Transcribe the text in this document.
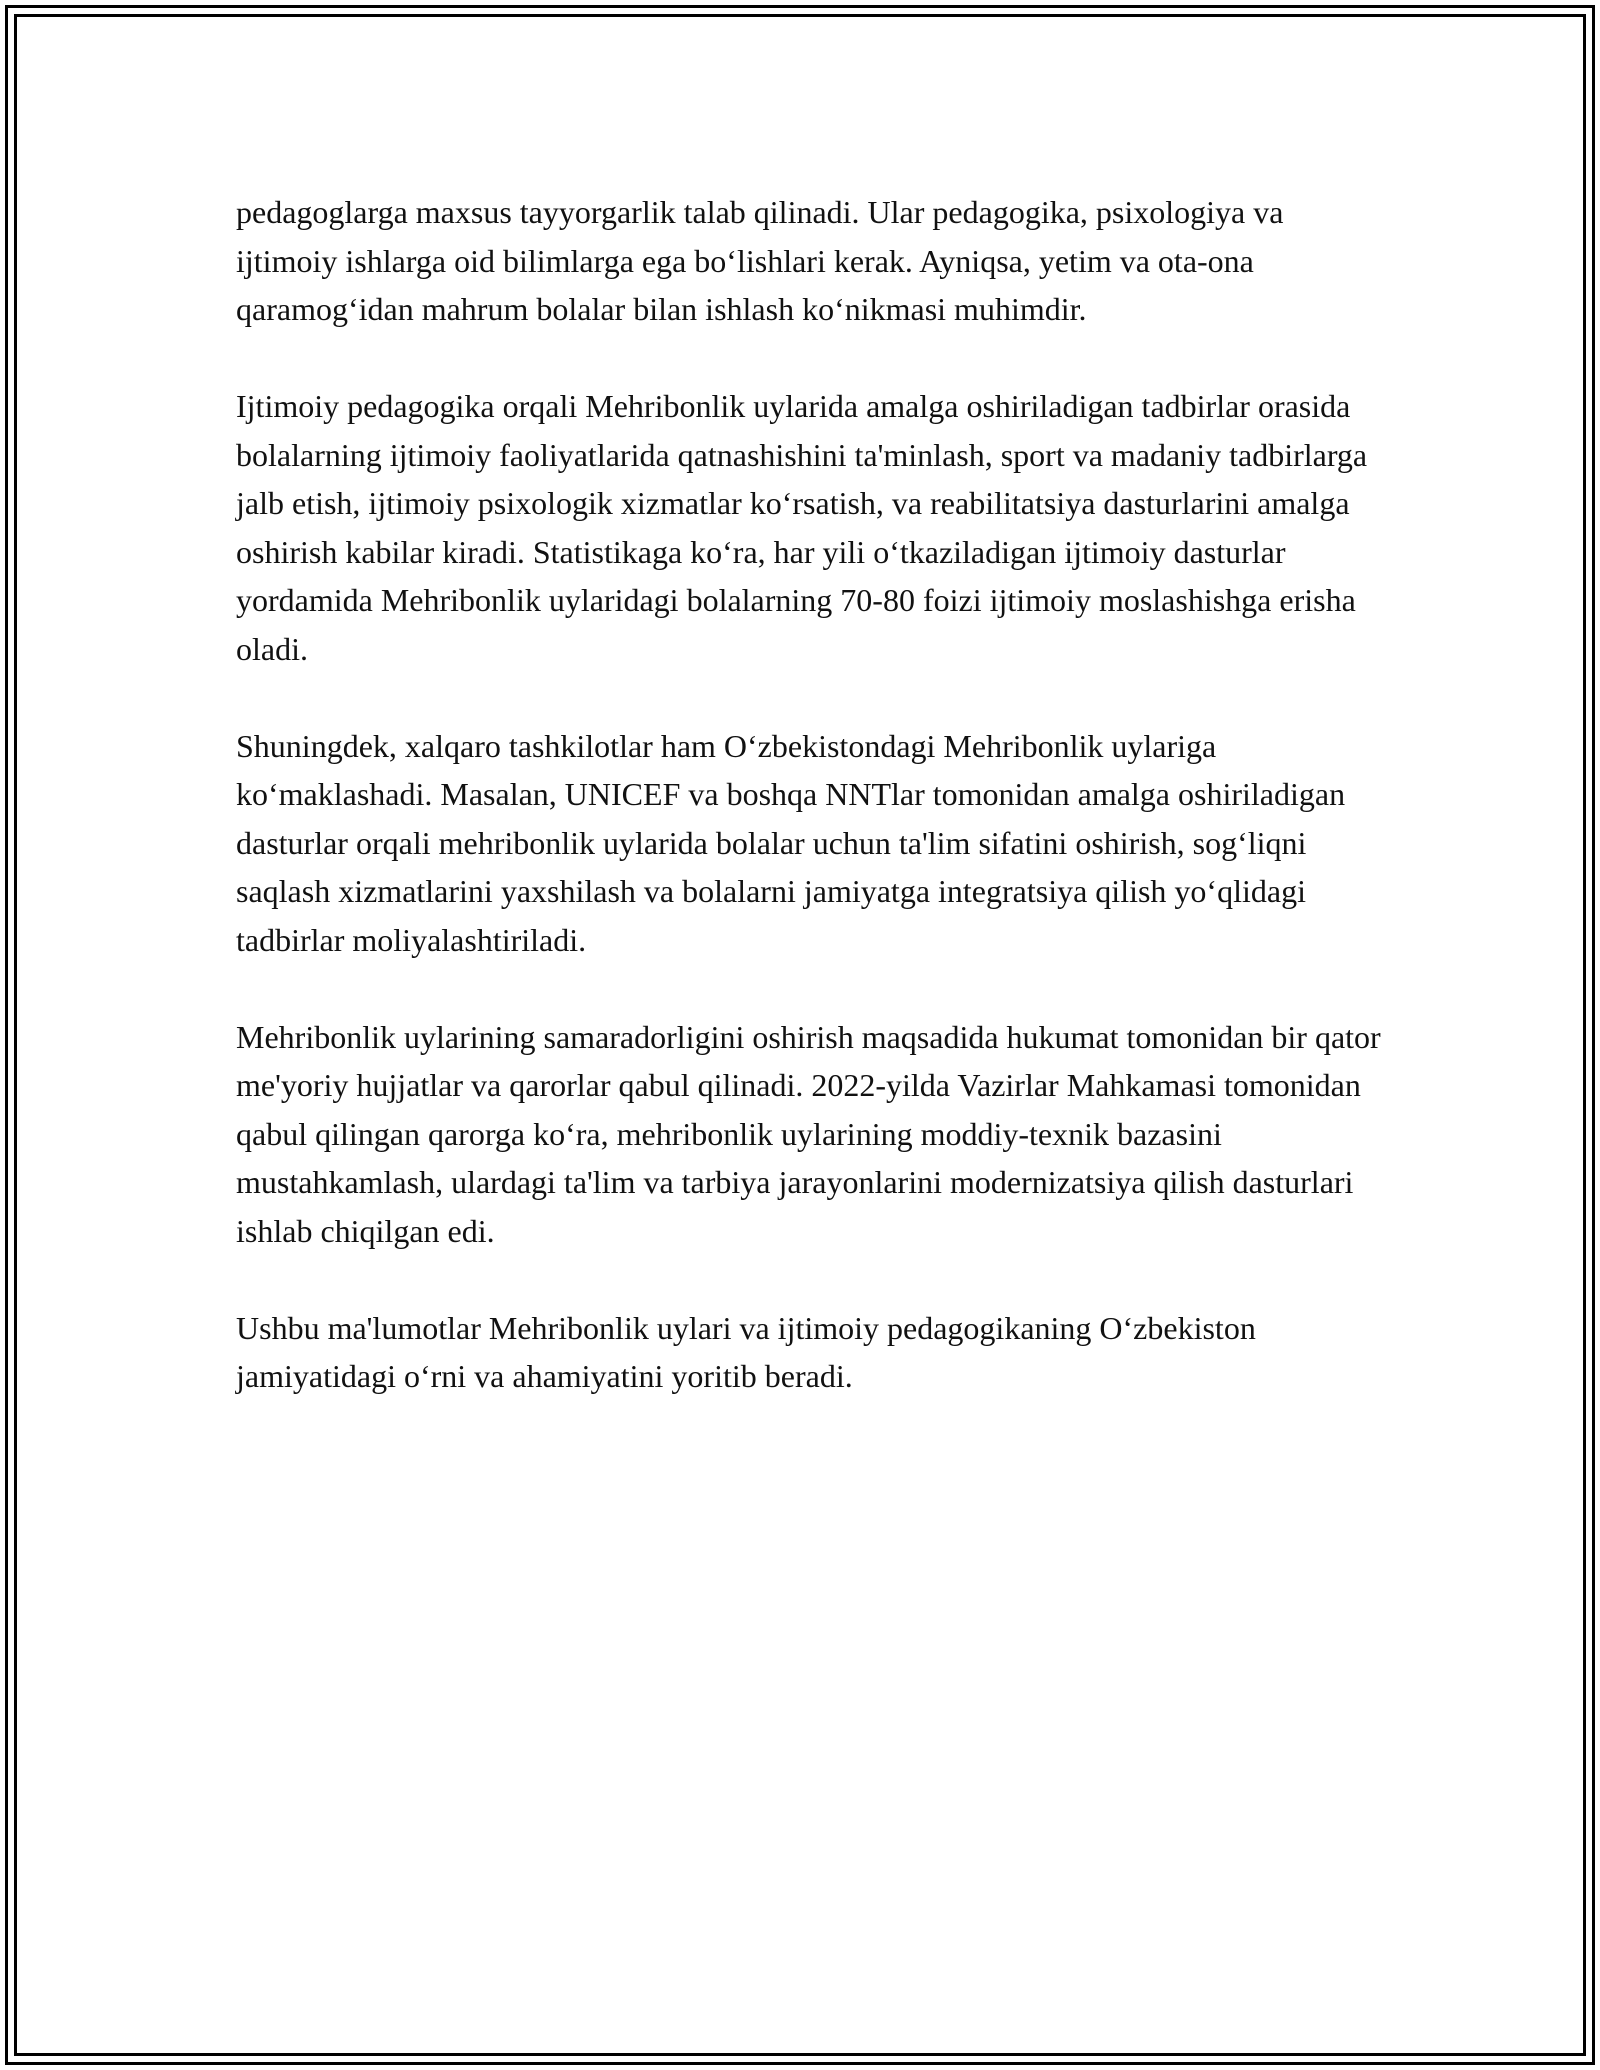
pedagoglarga maxsus tayyorgarlik talab qilinadi. Ular pedagogika, psixologiya va ijtimoiy ishlarga oid bilimlarga ega bo‘lishlari kerak. Ayniqsa, yetim va ota-ona qaramog‘idan mahrum bolalar bilan ishlash ko‘nikmasi muhimdir.

Ijtimoiy pedagogika orqali Mehribonlik uylarida amalga oshiriladigan tadbirlar orasida bolalarning ijtimoiy faoliyatlarida qatnashishini ta'minlash, sport va madaniy tadbirlarga jalb etish, ijtimoiy psixologik xizmatlar ko‘rsatish, va reabilitatsiya dasturlarini amalga oshirish kabilar kiradi. Statistikaga ko‘ra, har yili o‘tkaziladigan ijtimoiy dasturlar yordamida Mehribonlik uylaridagi bolalarning 70-80 foizi ijtimoiy moslashishga erisha oladi.

Shuningdek, xalqaro tashkilotlar ham O‘zbekistondagi Mehribonlik uylariga ko‘maklashadi. Masalan, UNICEF va boshqa NNTlar tomonidan amalga oshiriladigan dasturlar orqali mehribonlik uylarida bolalar uchun ta'lim sifatini oshirish, sog‘liqni saqlash xizmatlarini yaxshilash va bolalarni jamiyatga integratsiya qilish yo‘qlidagi tadbirlar moliyalashtiriladi.

Mehribonlik uylarining samaradorligini oshirish maqsadida hukumat tomonidan bir qator me'yoriy hujjatlar va qarorlar qabul qilinadi. 2022-yilda Vazirlar Mahkamasi tomonidan qabul qilingan qarorga ko‘ra, mehribonlik uylarining moddiy-texnik bazasini mustahkamlash, ulardagi ta'lim va tarbiya jarayonlarini modernizatsiya qilish dasturlari ishlab chiqilgan edi.

Ushbu ma'lumotlar Mehribonlik uylari va ijtimoiy pedagogikaning O‘zbekiston jamiyatidagi o‘rni va ahamiyatini yoritib beradi.
